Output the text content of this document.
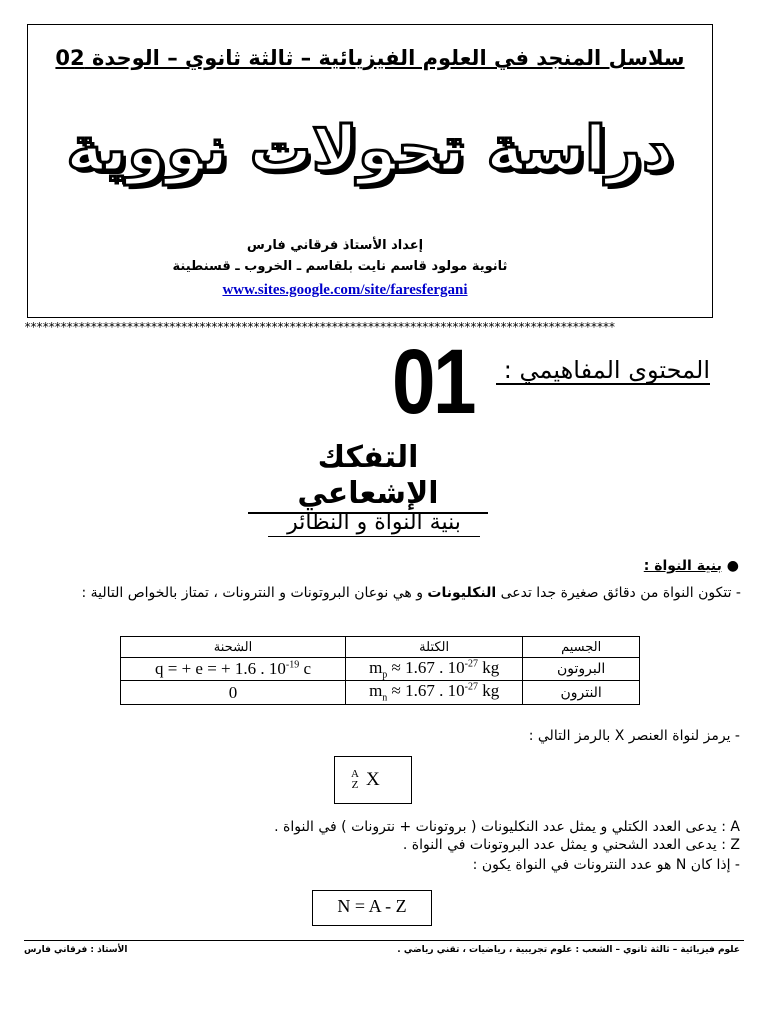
سلاسل المنجد في العلوم الفيزيائية – ثالثة ثانوي – الوحدة 02
دراسة تحولات نووية
إعداد الأستاذ فرقاني فارس
ثانوية مولود قاسم نايت بلقاسم ـ الخروب ـ قسنطينة
www.sites.google.com/site/faresfergani
**************************************************************************************************
المحتوى المفاهيمي :
01
التفكك الإشعاعي
بنية النواة و النظائر
● بنية النواة :
- تتكون النواة من دقائق صغيرة جدا تدعى النكليونات و هي نوعان البروتونات و النترونات ، تمتاز بالخواص التالية :
الشحنة	الكتلة	الجسيم
q = + e = + 1.6 . $10^{-19}$ c	$m_p \approx 1.67$ . $10^{-27}$ kg	البروتون
0	$m_n \approx 1.67$ . $10^{-27}$ kg	النترون
- يرمز لنواة العنصر X بالرمز التالي :
A
Z X
A : يدعى العدد الكتلي و يمثل عدد النكليونات ( بروتونات + نترونات ) في النواة .
Z : يدعى العدد الشحني و يمثل عدد البروتونات في النواة .
- إذا كان N هو عدد النترونات في النواة يكون :
N = A - Z
علوم فيزيائية – ثالثة ثانوي – الشعب : علوم تجريبية ، رياضيات ، تقني رياضي .
الأستاذ : فرقاني فارس
